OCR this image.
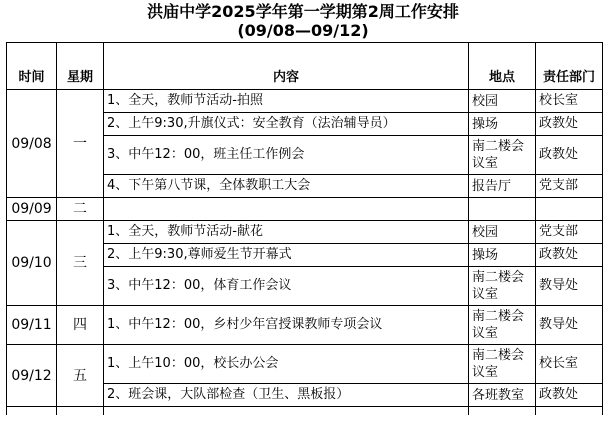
洪庙中学2025学年第一学期第2周工作安排
(09/08—09/12)
时间	星期	内容	地点	责任部门
09/08	一	1、全天，教师节活动-拍照	校园	校长室
		2、上午9:30,升旗仪式：安全教育（法治辅导员）	操场	政教处
		3、中午12：00，班主任工作例会	南二楼会议室	政教处
		4、下午第八节课，全体教职工大会	报告厅	党支部
09/09	二			
09/10	三	1、全天，教师节活动-献花	校园	党支部
		2、上午9:30,尊师爱生节开幕式	操场	政教处
		3、中午12：00，体育工作会议	南二楼会议室	教导处
09/11	四	1、中午12：00，乡村少年宫授课教师专项会议	南二楼会议室	教导处
09/12	五	1、上午10：00，校长办公会	南二楼会议室	校长室
		2、班会课，大队部检查（卫生、黑板报）	各班教室	政教处
